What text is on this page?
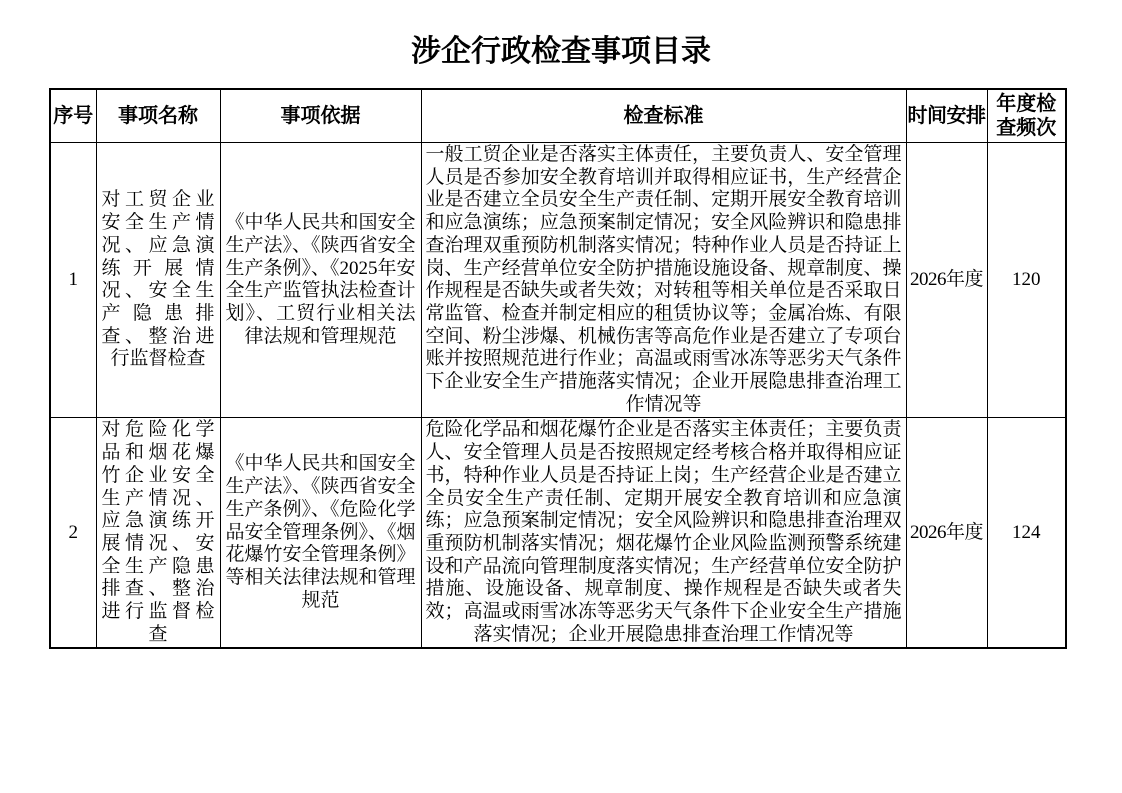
涉企行政检查事项目录
序号	事项名称	事项依据	检查标准	时间安排	年度检查频次
1	对工贸企业安全生产情况、应急演练开展情况、安全生产隐患排查、整治进行监督检查	《中华人民共和国安全生产法》、《陕西省安全生产条例》、《2025年安全生产监管执法检查计划》、工贸行业相关法律法规和管理规范	一般工贸企业是否落实主体责任，主要负责人、安全管理人员是否参加安全教育培训并取得相应证书，生产经营企业是否建立全员安全生产责任制、定期开展安全教育培训和应急演练；应急预案制定情况；安全风险辨识和隐患排查治理双重预防机制落实情况；特种作业人员是否持证上岗、生产经营单位安全防护措施设施设备、规章制度、操作规程是否缺失或者失效；对转租等相关单位是否采取日常监管、检查并制定相应的租赁协议等；金属冶炼、有限空间、粉尘涉爆、机械伤害等高危作业是否建立了专项台账并按照规范进行作业；高温或雨雪冰冻等恶劣天气条件下企业安全生产措施落实情况；企业开展隐患排查治理工作情况等	2026年度	120
2	对危险化学品和烟花爆竹企业安全生产情况、应急演练开展情况、安全生产隐患排查、整治进行监督检查	《中华人民共和国安全生产法》、《陕西省安全生产条例》、《危险化学品安全管理条例》、《烟花爆竹安全管理条例》等相关法律法规和管理规范	危险化学品和烟花爆竹企业是否落实主体责任；主要负责人、安全管理人员是否按照规定经考核合格并取得相应证书，特种作业人员是否持证上岗；生产经营企业是否建立全员安全生产责任制、定期开展安全教育培训和应急演练；应急预案制定情况；安全风险辨识和隐患排查治理双重预防机制落实情况；烟花爆竹企业风险监测预警系统建设和产品流向管理制度落实情况；生产经营单位安全防护措施、设施设备、规章制度、操作规程是否缺失或者失效；高温或雨雪冰冻等恶劣天气条件下企业安全生产措施落实情况；企业开展隐患排查治理工作情况等	2026年度	124
